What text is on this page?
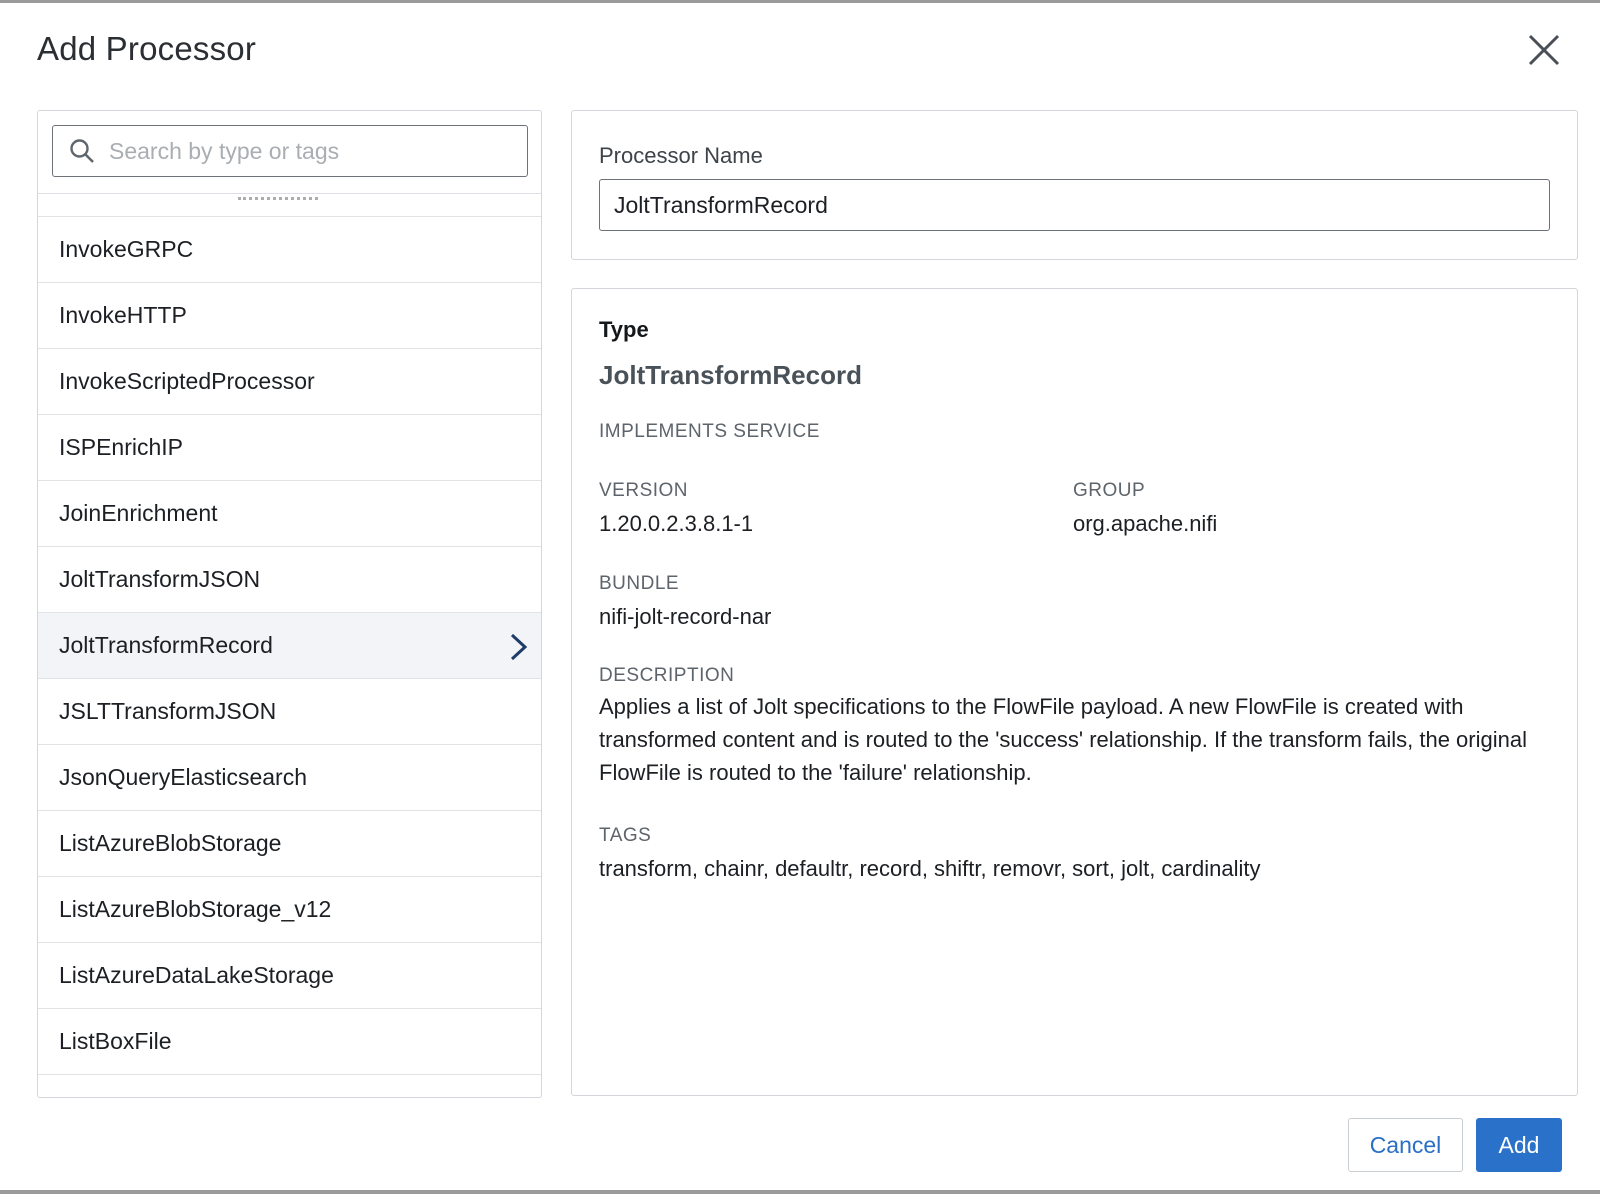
Add Processor
Search by type or tags
InvokeGRPC
InvokeHTTP
InvokeScriptedProcessor
ISPEnrichIP
JoinEnrichment
JoltTransformJSON
JoltTransformRecord
JSLTTransformJSON
JsonQueryElasticsearch
ListAzureBlobStorage
ListAzureBlobStorage_v12
ListAzureDataLakeStorage
ListBoxFile
Processor Name
JoltTransformRecord
Type
JoltTransformRecord
IMPLEMENTS SERVICE
VERSION
1.20.0.2.3.8.1-1
GROUP
org.apache.nifi
BUNDLE
nifi-jolt-record-nar
DESCRIPTION
Applies a list of Jolt specifications to the FlowFile payload. A new FlowFile is created with transformed content and is routed to the 'success' relationship. If the transform fails, the original FlowFile is routed to the 'failure' relationship.
TAGS
transform, chainr, defaultr, record, shiftr, removr, sort, jolt, cardinality
Cancel	Add
